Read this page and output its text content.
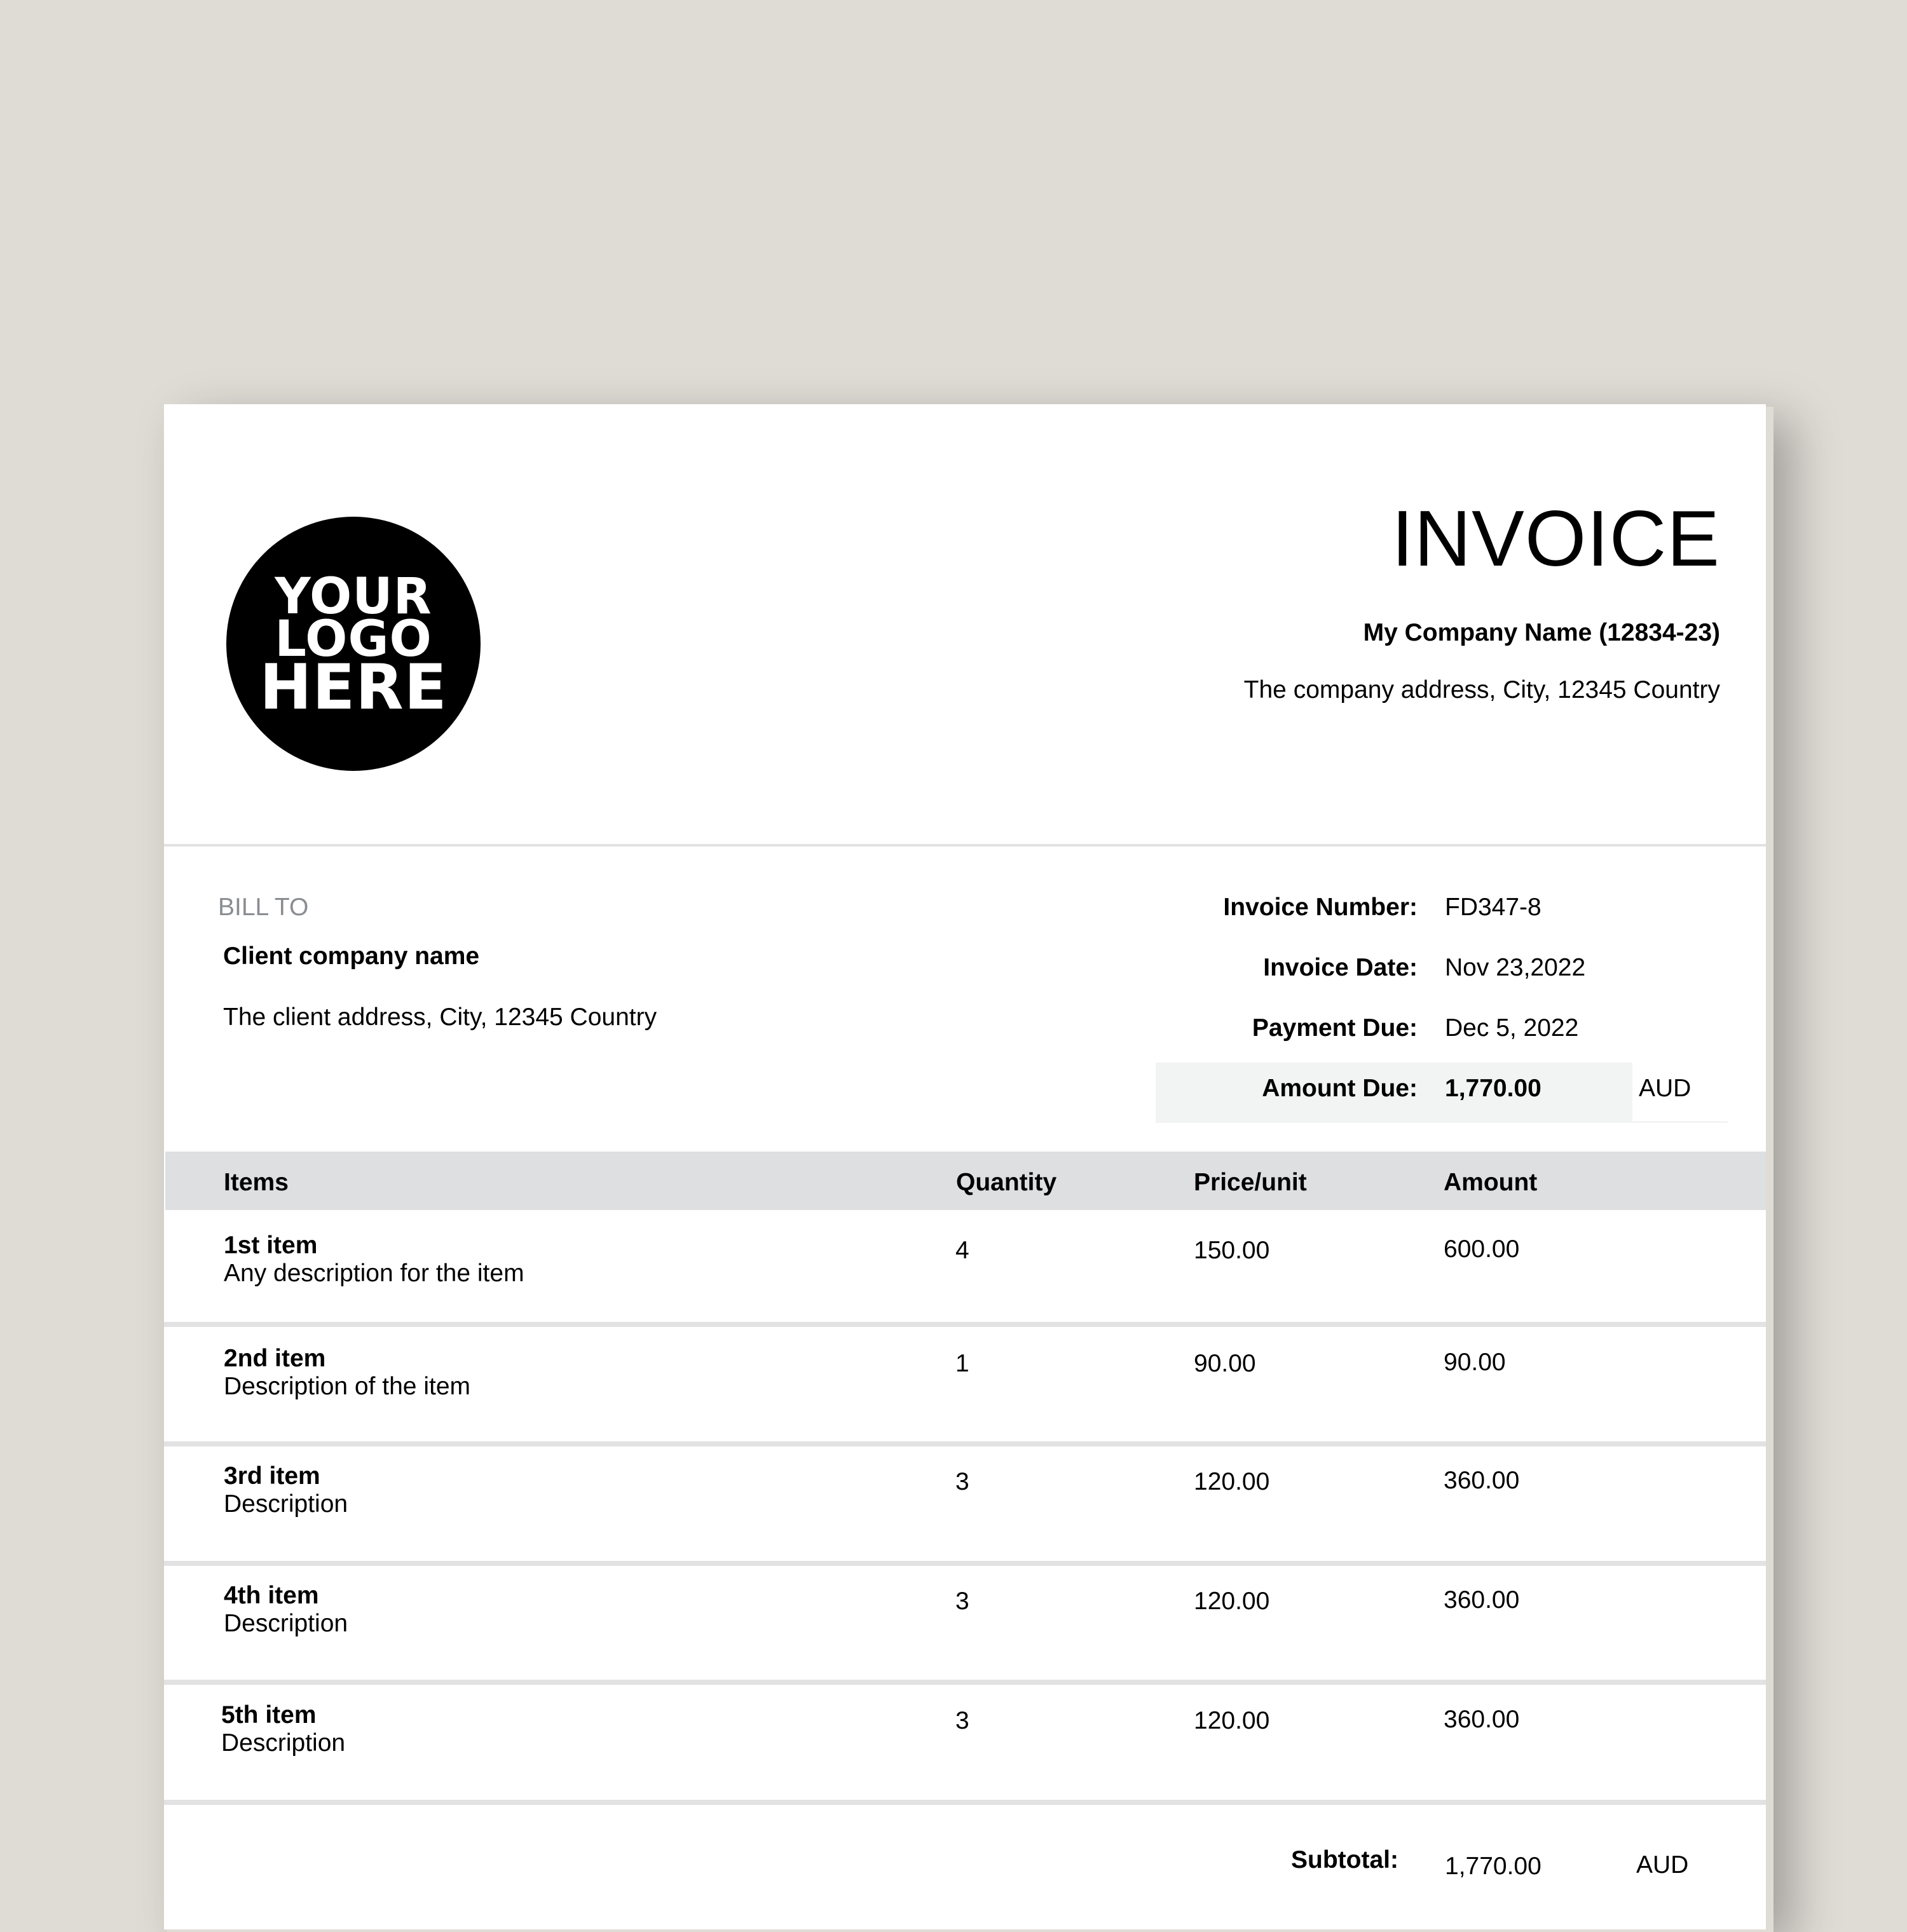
YOUR
LOGO
HERE
INVOICE
My Company Name (12834-23)
The company address, City, 12345 Country
BILL TO
Client company name
The client address, City, 12345 Country
Invoice Number: FD347-8
Invoice Date: Nov 23,2022
Payment Due: Dec 5, 2022
Amount Due: 1,770.00	AUD
Items	Quantity	Price/unit	Amount
1st item
Any description for the item
4	150.00	600.00
2nd item
Description of the item
1	90.00	90.00
3rd item
Description
3	120.00	360.00
4th item
Description
3	120.00	360.00
5th item
Description
3	120.00	360.00
Subtotal: 1,770.00	AUD
